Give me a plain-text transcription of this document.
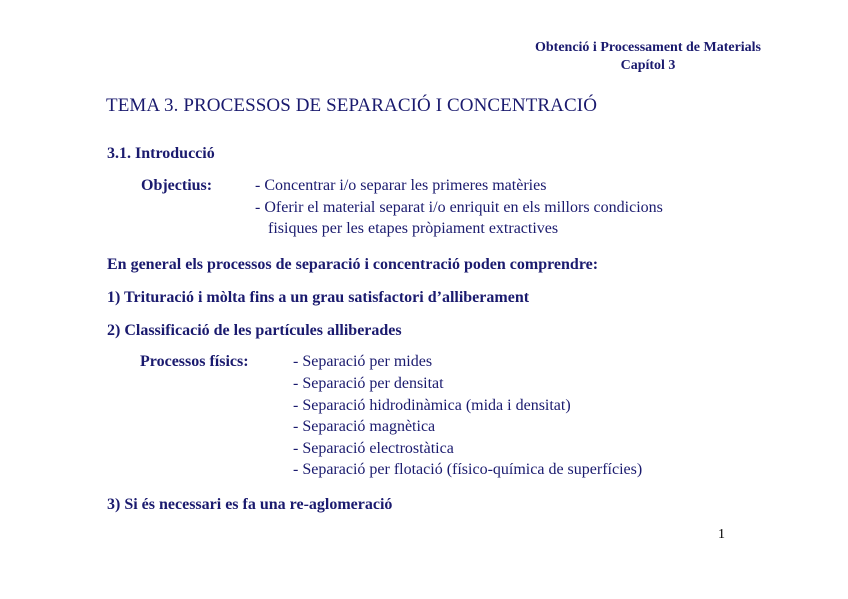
Obtenció i Processament de Materials
Capítol 3
TEMA 3. PROCESSOS DE SEPARACIÓ I CONCENTRACIÓ
3.1. Introducció
Objectius:	- Concentrar i/o separar les primeres matèries
- Oferir el material separat i/o enriquit en els millors condicions
fisiques per les etapes pròpiament extractives
En general els processos de separació i concentració poden comprendre:
1) Trituració i mòlta fins a un grau satisfactori d’alliberament
2) Classificació de les partícules alliberades
Processos físics:	- Separació per mides
- Separació per densitat
- Separació hidrodinàmica (mida i densitat)
- Separació magnètica
- Separació electrostàtica
- Separació per flotació (físico-química de superfícies)
3) Si és necessari es fa una re-aglomeració
1
